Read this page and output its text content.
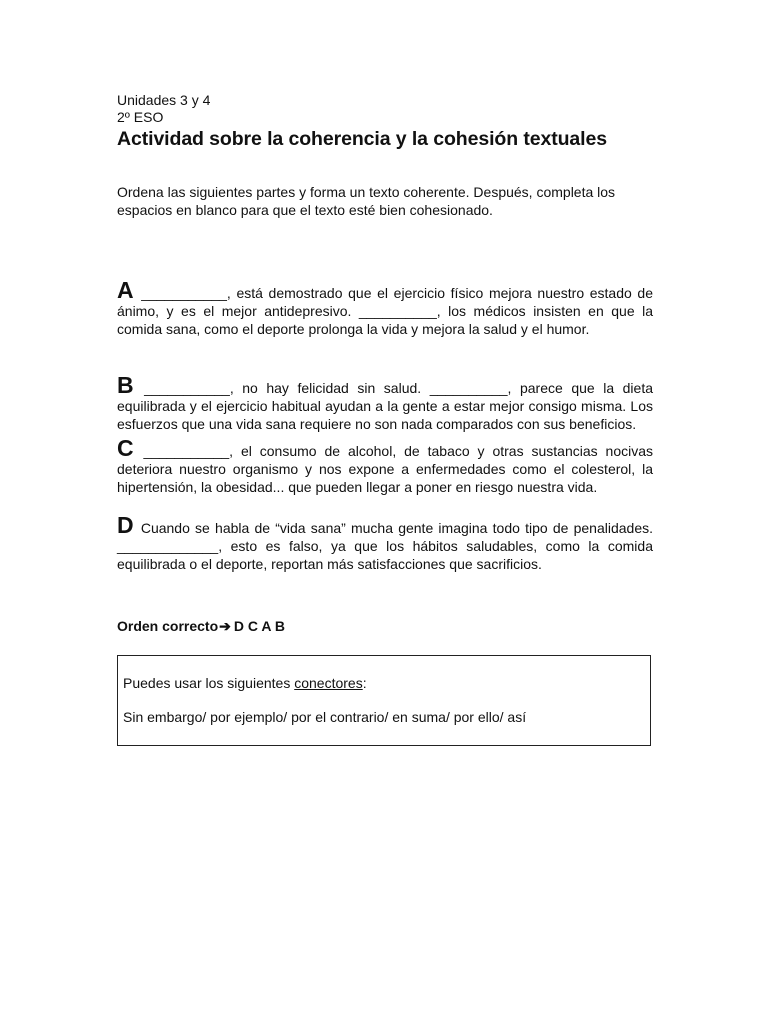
Unidades 3 y 4

2º ESO

Actividad sobre la coherencia y la cohesión textuales

Ordena las siguientes partes y forma un texto coherente. Después, completa los espacios en blanco para que el texto esté bien cohesionado.

A ___________, está demostrado que el ejercicio físico mejora nuestro estado de ánimo, y es el mejor antidepresivo. __________, los médicos insisten en que la comida sana, como el deporte prolonga la vida y mejora la salud y el humor.

B ___________, no hay felicidad sin salud. __________, parece que la dieta equilibrada y el ejercicio habitual ayudan a la gente a estar mejor consigo misma. Los esfuerzos que una vida sana requiere no son nada comparados con sus beneficios.

C ___________, el consumo de alcohol, de tabaco y otras sustancias nocivas deteriora nuestro organismo y nos expone a enfermedades como el colesterol, la hipertensión, la obesidad... que pueden llegar a poner en riesgo nuestra vida.

D Cuando se habla de “vida sana” mucha gente imagina todo tipo de penalidades. _____________, esto es falso, ya que los hábitos saludables, como la comida equilibrada o el deporte, reportan más satisfacciones que sacrificios.

Orden correcto➔ D C A B
Puedes usar los siguientes conectores:
Sin embargo/ por ejemplo/ por el contrario/ en suma/ por ello/ así
